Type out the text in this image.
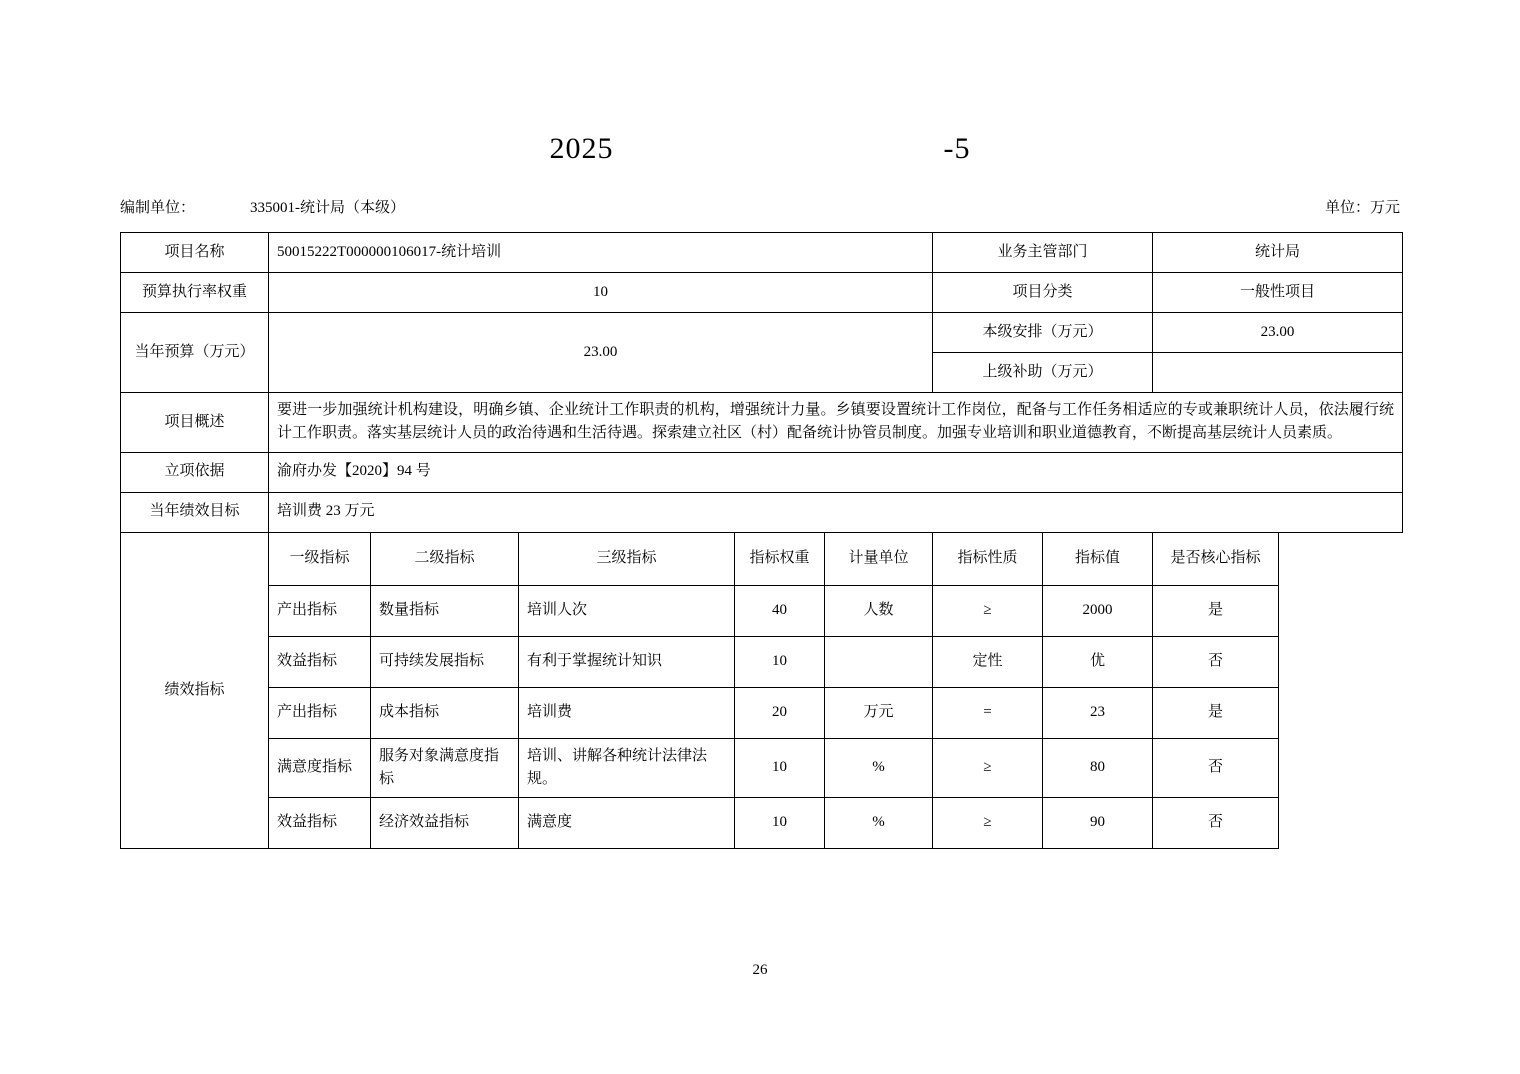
2025	-5
编制单位：	335001-统计局（本级）	单位：万元
项目名称	50015222T000000106017-统计培训					业务主管部门		统计局
预算执行率权重	10					项目分类		一般性项目
当年预算（万元）	23.00					本级安排（万元）		23.00
						上级补助（万元）		
项目概述	要进一步加强统计机构建设，明确乡镇、企业统计工作职责的机构，增强统计力量。乡镇要设置统计工作岗位，配备与工作任务相适应的专或兼职统计人员，依法履行统计工作职责。落实基层统计人员的政治待遇和生活待遇。探索建立社区（村）配备统计协管员制度。加强专业培训和职业道德教育，不断提高基层统计人员素质。							
立项依据	渝府办发【2020】94 号							
当年绩效目标	培训费 23 万元							
绩效指标	一级指标	二级指标	三级指标	指标权重	计量单位	指标性质	指标值	是否核心指标
	产出指标	数量指标	培训人次	40	人数	≥	2000	是
	效益指标	可持续发展指标	有利于掌握统计知识	10		定性	优	否
	产出指标	成本指标	培训费	20	万元	=	23	是
	满意度指标	服务对象满意度指标	培训、讲解各种统计法律法规。	10	%	≥	80	否
	效益指标	经济效益指标	满意度	10	%	≥	90	否
26
